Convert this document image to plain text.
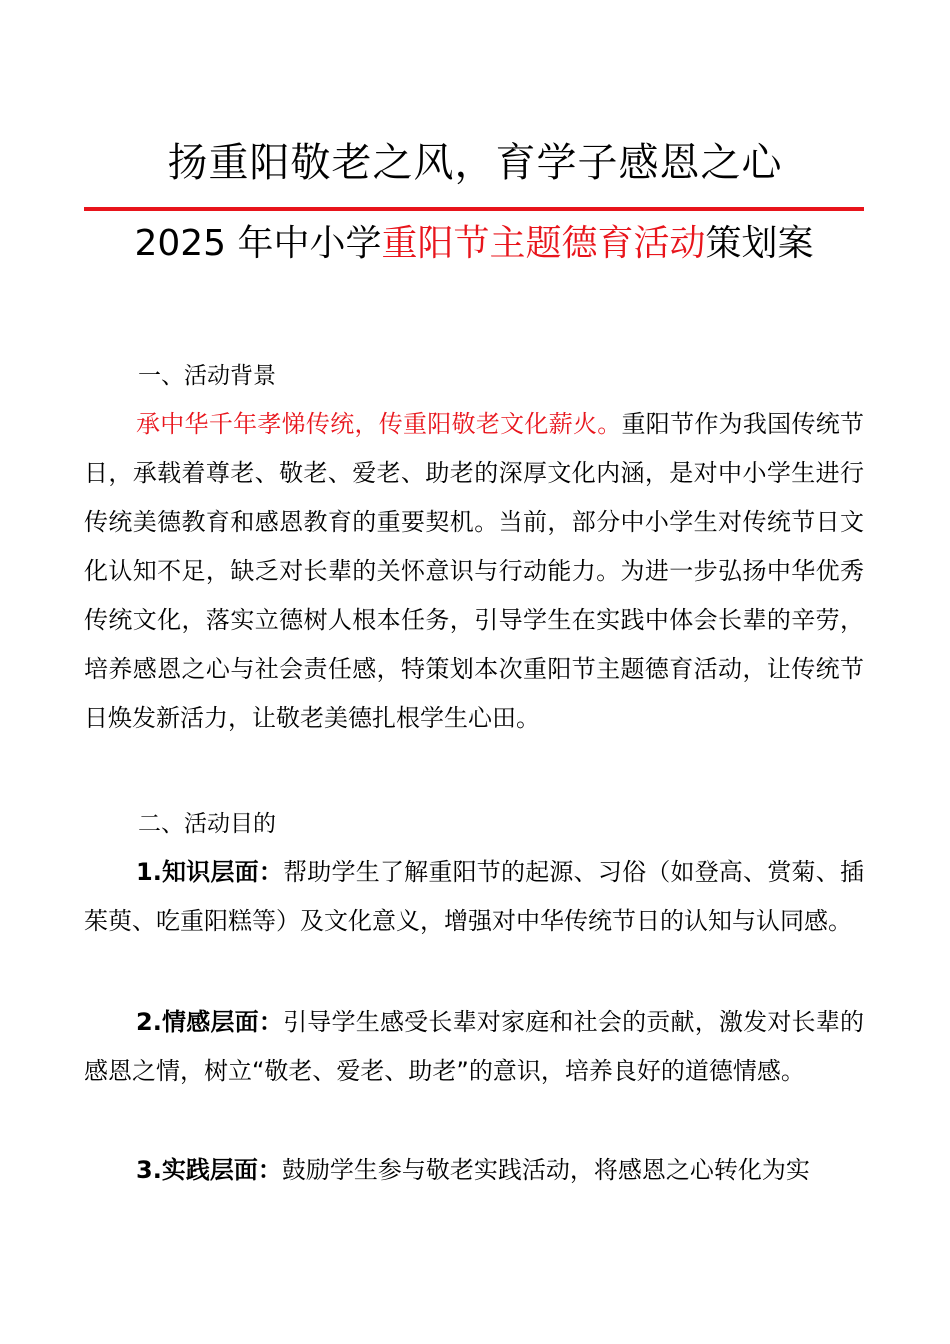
扬重阳敬老之风，育学子感恩之心
2025 年中小学重阳节主题德育活动策划案
一、活动背景

承中华千年孝悌传统，传重阳敬老文化薪火。重阳节作为我国传统节日，承载着尊老、敬老、爱老、助老的深厚文化内涵，是对中小学生进行传统美德教育和感恩教育的重要契机。当前，部分中小学生对传统节日文化认知不足，缺乏对长辈的关怀意识与行动能力。为进一步弘扬中华优秀传统文化，落实立德树人根本任务，引导学生在实践中体会长辈的辛劳，培养感恩之心与社会责任感，特策划本次重阳节主题德育活动，让传统节日焕发新活力，让敬老美德扎根学生心田。

二、活动目的

1.知识层面：帮助学生了解重阳节的起源、习俗（如登高、赏菊、插茱萸、吃重阳糕等）及文化意义，增强对中华传统节日的认知与认同感。

2.情感层面：引导学生感受长辈对家庭和社会的贡献，激发对长辈的感恩之情，树立“敬老、爱老、助老”的意识，培养良好的道德情感。

3.实践层面：鼓励学生参与敬老实践活动，将感恩之心转化为实
